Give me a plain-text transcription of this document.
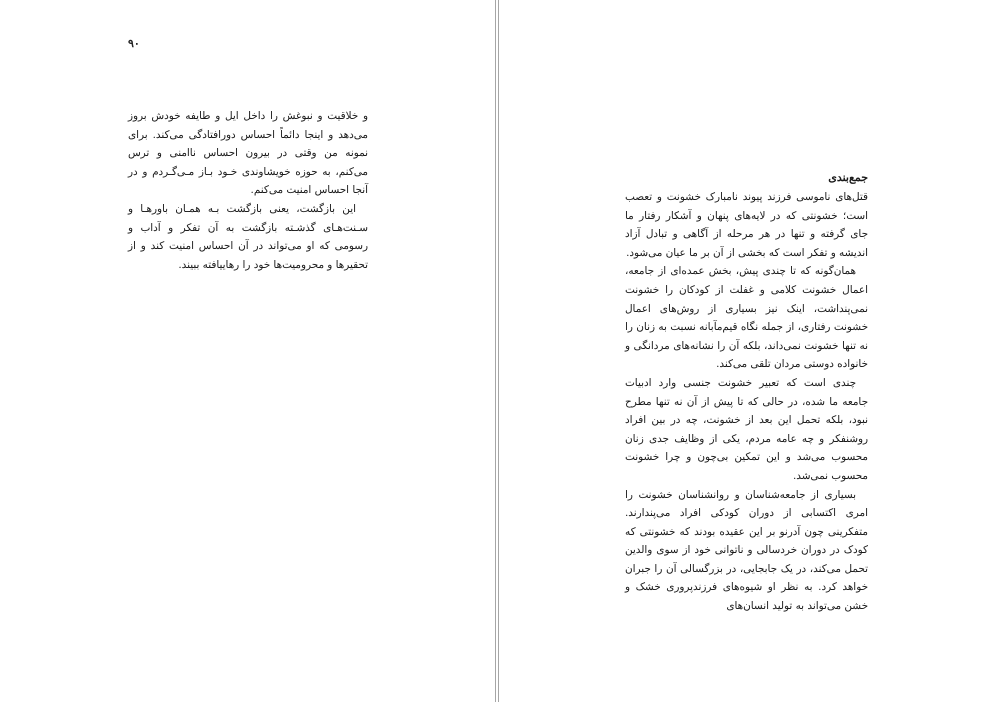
۹۰

و خلاقیت و نبوغش را داخل ایل و طایفه خودش بروز می‌دهد و اینجا دائماً احساس دورافتادگی می‌کند. برای نمونه من وقتی در بیرون احساس ناامنی و ترس می‌کنم، به حوزه خویشاوندی خـود بـاز مـی‌گـردم و در آنجا احساس امنیت می‌کنم.

این بازگشت، یعنی بازگشت بـه همـان باورهـا و سـنت‌هـای گذشـته بازگشت به آن تفکر و آداب و رسومی که او می‌تواند در آن احساس امنیت کند و از تحقیرها و محرومیت‌ها خود را رهاییافته ببیند.

جمع‌بندی

قتل‌های ناموسی فرزند پیوند نامبارک خشونت و تعصب است؛ خشونتی که در لایه‌های پنهان و آشکار رفتار ما جای گرفته و تنها در هر مرحله از آگاهی و تبادل آزاد اندیشه و تفکر است که بخشی از آن بر ما عیان می‌شود.

همان‌گونه که تا چندی پیش، بخش عمده‌ای از جامعه، اعمال خشونت کلامی و غفلت از کودکان را خشونت نمی‌پنداشت، اینک نیز بسیاری از روش‌های اعمال خشونت رفتاری، از جمله نگاه قیم‌مآبانه نسبت به زنان را نه تنها خشونت نمی‌داند، بلکه آن را نشانه‌های مردانگی و خانواده دوستی مردان تلقی می‌کند.

چندی است که تعبیر خشونت جنسی وارد ادبیات جامعه ما شده، در حالی که تا پیش از آن نه تنها مطرح نبود، بلکه تحمل این بعد از خشونت، چه در بین افراد روشنفکر و چه عامه مردم، یکی از وظایف جدی زنان محسوب می‌شد و این تمکین بی‌چون و چرا خشونت محسوب نمی‌شد.

بسیاری از جامعه‌شناسان و روانشناسان خشونت را امری اکتسابی از دوران کودکی افراد می‌پندارند. متفکرینی چون آدرنو بر این عقیده بودند که خشونتی که کودک در دوران خردسالی و ناتوانی خود از سوی والدین تحمل می‌کند، در یک جابجایی، در بزرگسالی آن را جبران خواهد کرد. به نظر او شیوه‌های فرزندپروری خشک و خشن می‌تواند به تولید انسان‌های
